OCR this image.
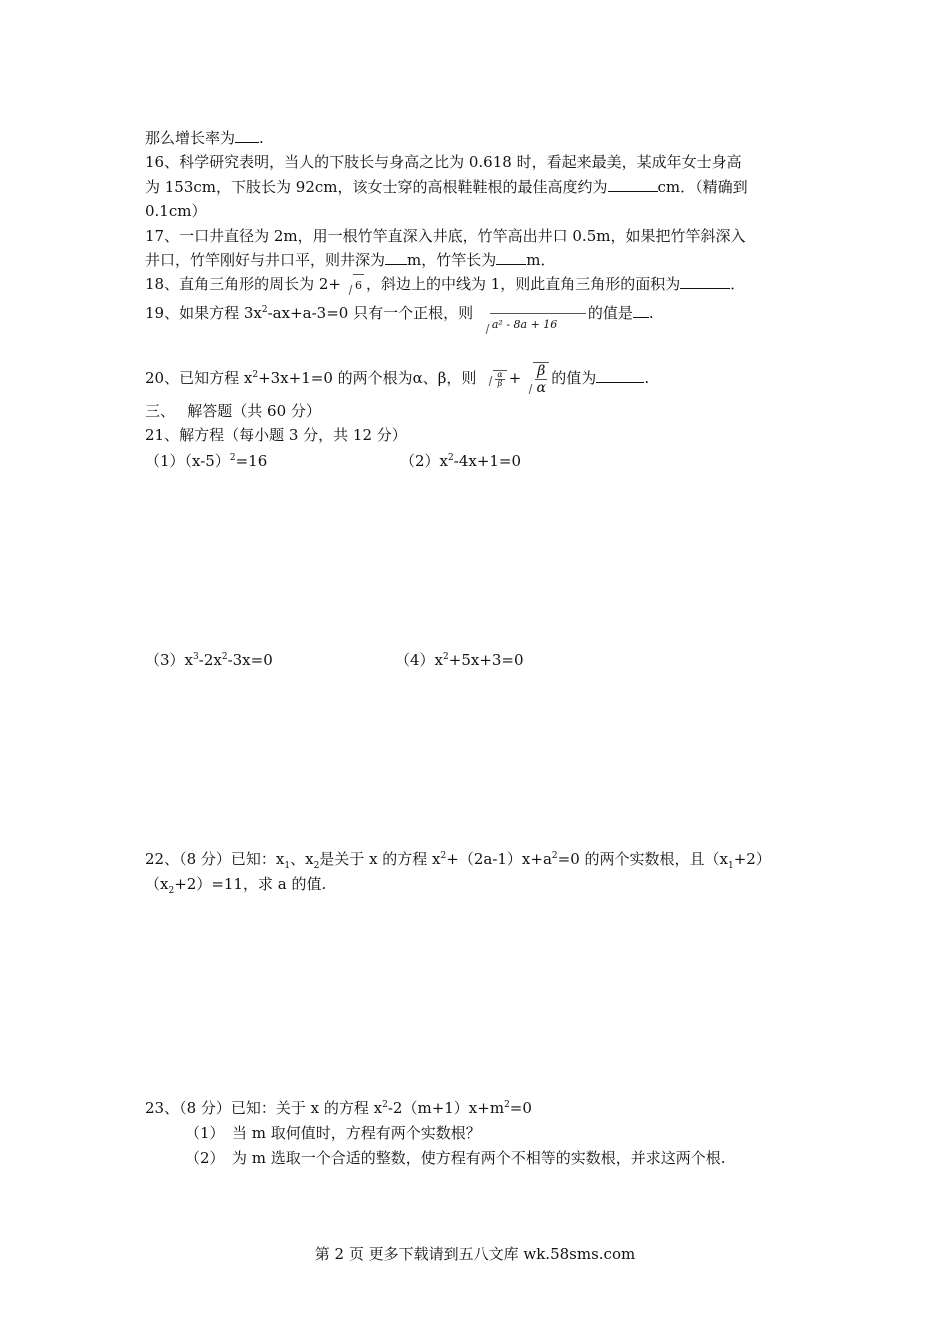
那么增长率为 .
16、科学研究表明，当人的下肢长与身高之比为 0.618 时，看起来最美，某成年女士身高
为 153cm，下肢长为 92cm，该女士穿的高根鞋鞋根的最佳高度约为	cm．（精确到
0.1cm）
17、一口井直径为 2m，用一根竹竿直深入井底，竹竿高出井口 0.5m，如果把竹竿斜深入
井口，竹竿刚好与井口平，则井深为 m，竹竿长为 m．
18、直角三角形的周长为 2+ 6 ，斜边上的中线为 1，则此直角三角形的面积为	．
19、如果方程 $3x^2-ax+a-3=0$ 只有一个正根，则 a² - 8a + 16的值是 .
20、已知方程 $x^2+3x+1=0$ 的两个根为α、β，则 $\frac{\alpha}{\beta} + \frac{\beta}{\alpha}$ 的值为	.
三、　 解答题（共 60 分）
21、解方程（每小题 3 分，共 12 分）
$(1)(x-5)^2=16$	$(2)x^2-4x+1=0$
$(3)x^3-2x^2-3x=0$	$(4)x^2+5x+3=0$
22、（8 分）已知：$x_1$、$x_2$是关于 x 的方程 $x^2+(2a-1)x+a^2=0$ 的两个实数根，且$(x_1+2)$
$(x_2+2)=11$，求 a 的值.
23、（8 分）已知：关于 x 的方程 $x^2-2(m+1)x+m^2=0$
（1）　当 m 取何值时，方程有两个实数根？
（2）　为 m 选取一个合适的整数，使方程有两个不相等的实数根，并求这两个根.
第 2 页 更多下载请到五八文库 wk.58sms.com
